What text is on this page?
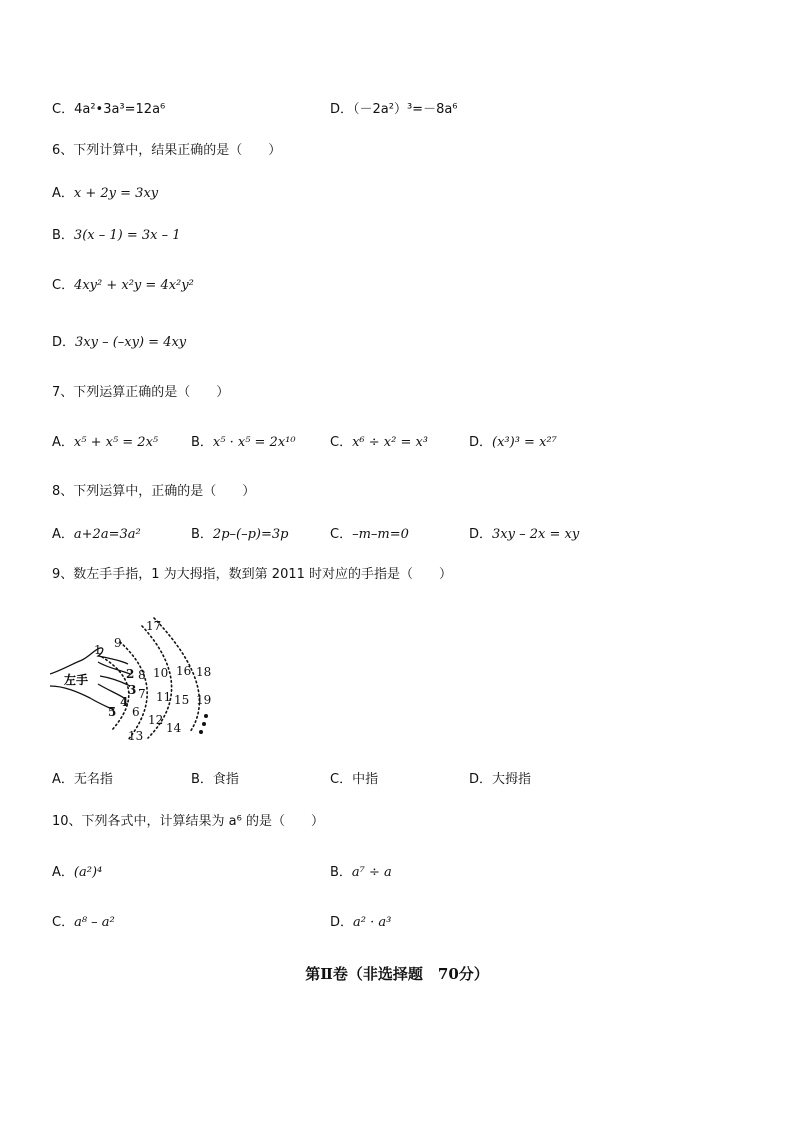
C．4a²•3a³=12a⁶	D．（－2a²）³=－8a⁶
6、下列计算中，结果正确的是（　　）
A．x + 2y = 3xy
B．3(x – 1) = 3x – 1
C．4xy² + x²y = 4x²y²
D．3xy – (–xy) = 4xy
7、下列运算正确的是（　　）
A．x⁵ + x⁵ = 2x⁵	B．x⁵ · x⁵ = 2x¹⁰	C．x⁶ ÷ x² = x³	D．(x³)³ = x²⁷
8、下列运算中，正确的是（　　）
A．a+2a=3a²	B．2p–(–p)=3p	C．–m–m=0	D．3xy – 2x = xy
9、数左手手指，1 为大拇指，数到第 2011 时对应的手指是（　　）
左手
1
2
3
4
5 6
7
8
9
10
11
12
13
14
15
16
17
18
19
A．无名指	B．食指	C．中指	D．大拇指
10、下列各式中，计算结果为 a⁶ 的是（　　）
A．(a²)⁴	B．a⁷ ÷ a
C．a⁸ – a²	D．a² · a³
第Ⅱ卷（非选择题　70分）
